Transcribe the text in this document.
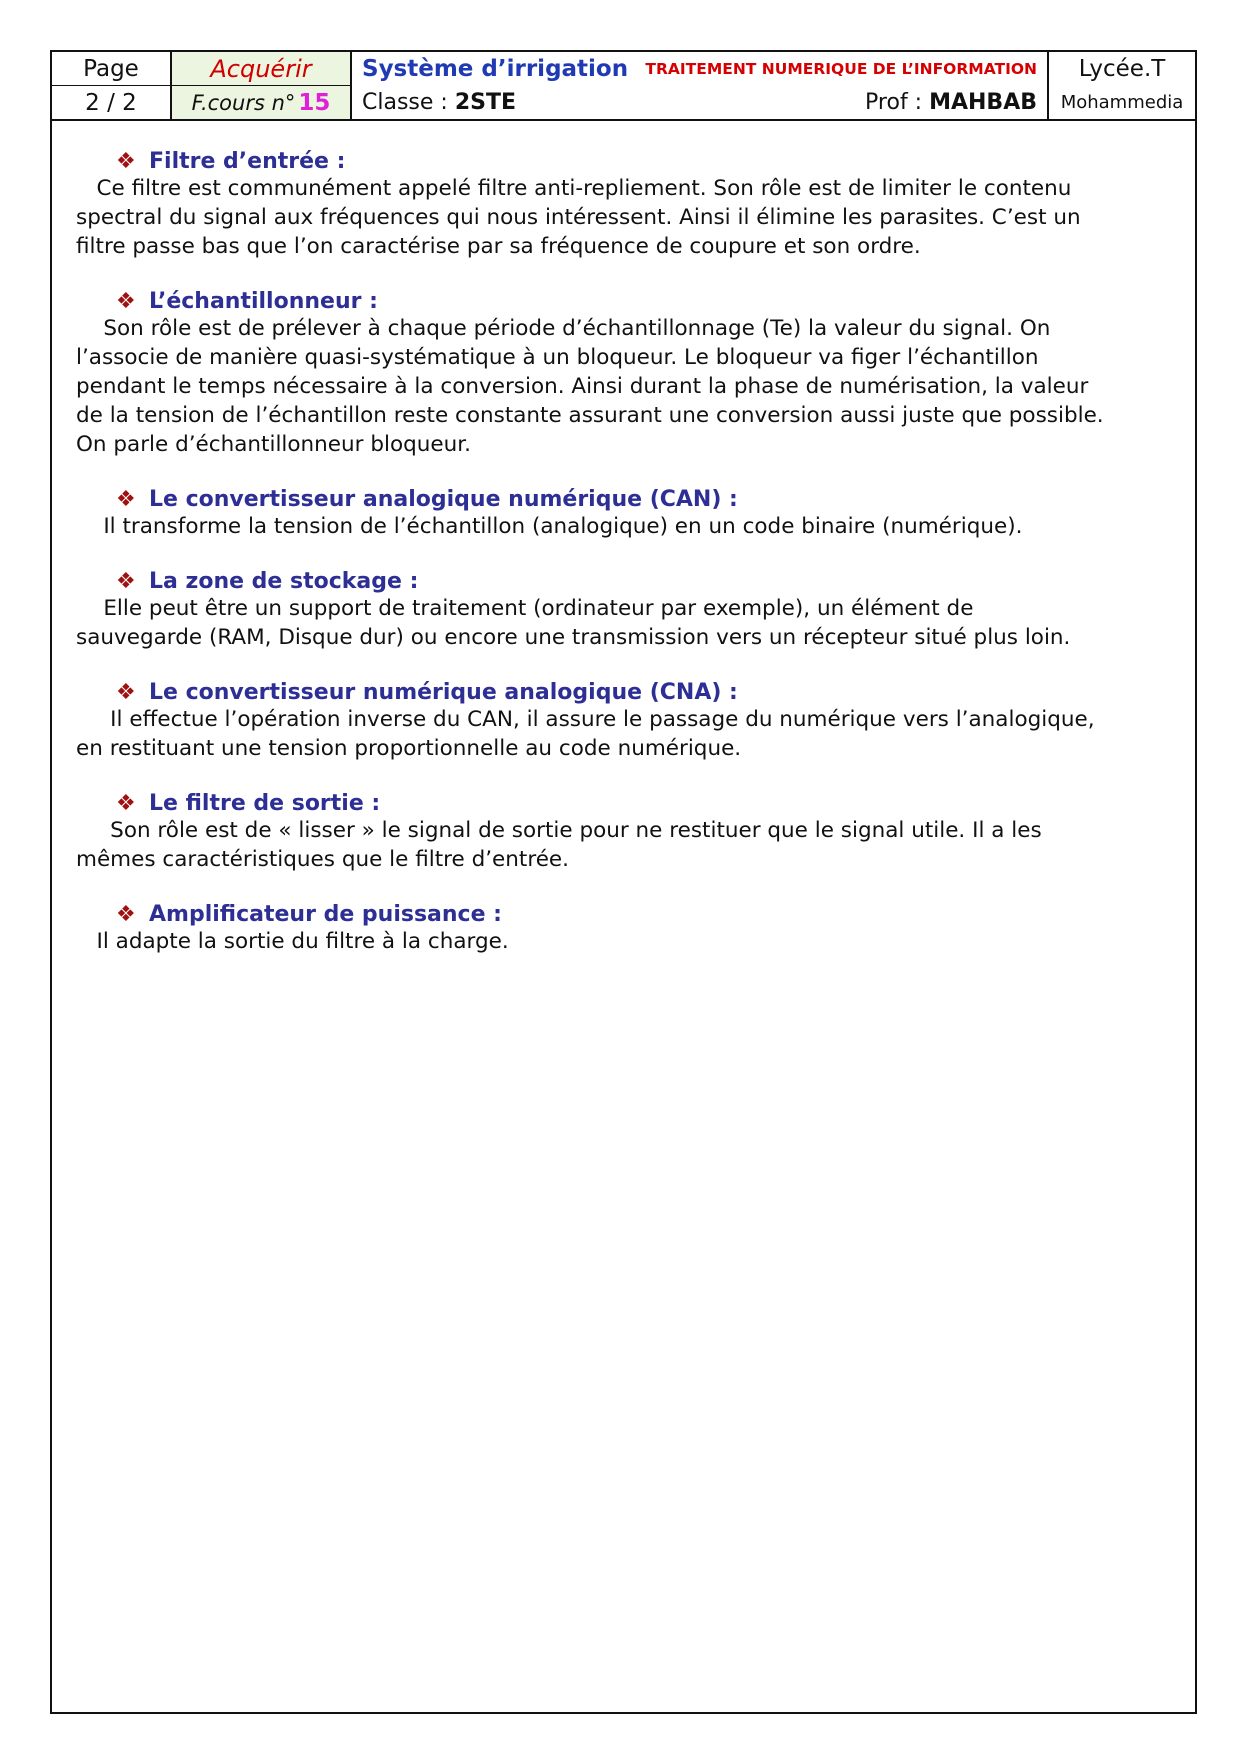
Page
2 / 2
Acquérir
F.cours n° 15
Système d’irrigation TRAITEMENT NUMERIQUE DE L’INFORMATION
Classe : 2STE	Prof : MAHBAB
Lycée.T
Mohammedia
❖ Filtre d’entrée :
Ce filtre est communément appelé filtre anti-repliement. Son rôle est de limiter le contenu
spectral du signal aux fréquences qui nous intéressent. Ainsi il élimine les parasites. C’est un
filtre passe bas que l’on caractérise par sa fréquence de coupure et son ordre.
❖ L’échantillonneur :
Son rôle est de prélever à chaque période d’échantillonnage (Te) la valeur du signal. On
l’associe de manière quasi-systématique à un bloqueur. Le bloqueur va figer l’échantillon
pendant le temps nécessaire à la conversion. Ainsi durant la phase de numérisation, la valeur
de la tension de l’échantillon reste constante assurant une conversion aussi juste que possible.
On parle d’échantillonneur bloqueur.
❖ Le convertisseur analogique numérique (CAN) :
Il transforme la tension de l’échantillon (analogique) en un code binaire (numérique).
❖ La zone de stockage :
Elle peut être un support de traitement (ordinateur par exemple), un élément de
sauvegarde (RAM, Disque dur) ou encore une transmission vers un récepteur situé plus loin.
❖ Le convertisseur numérique analogique (CNA) :
Il effectue l’opération inverse du CAN, il assure le passage du numérique vers l’analogique,
en restituant une tension proportionnelle au code numérique.
❖ Le filtre de sortie :
Son rôle est de « lisser » le signal de sortie pour ne restituer que le signal utile. Il a les
mêmes caractéristiques que le filtre d’entrée.
❖ Amplificateur de puissance :
Il adapte la sortie du filtre à la charge.
